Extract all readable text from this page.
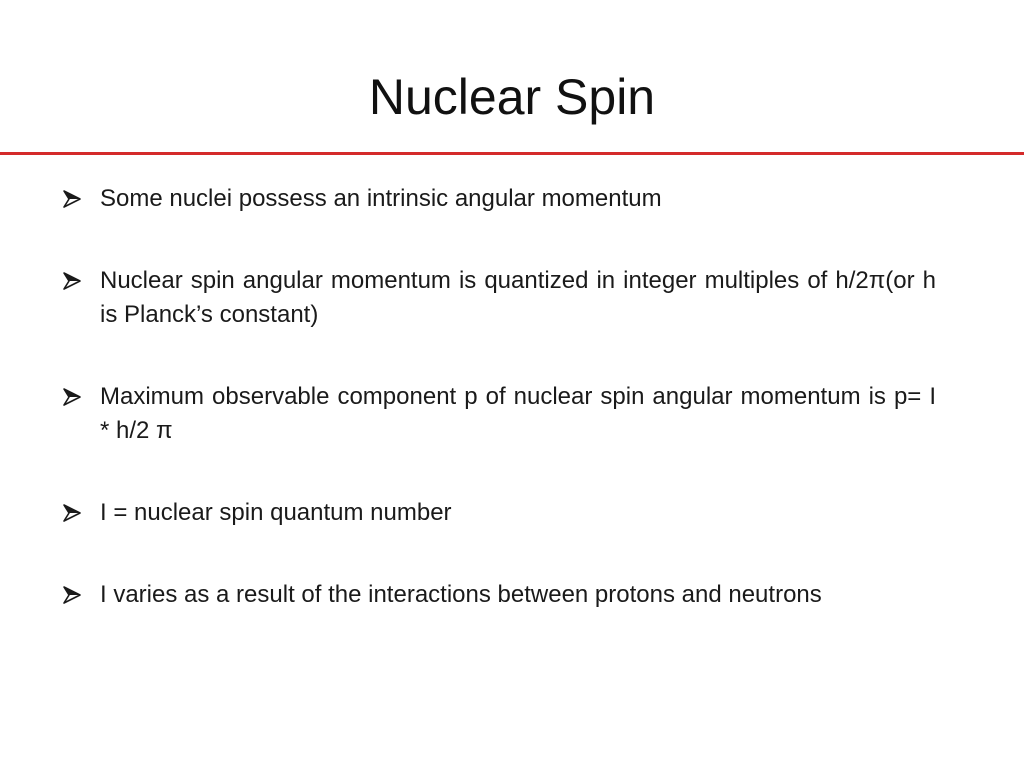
Nuclear Spin
Some nuclei possess an intrinsic angular momentum
Nuclear spin angular momentum is quantized in integer multiples of h/2π(or h is Planck’s constant)
Maximum observable component p of nuclear spin angular momentum is p= I * h/2 π
I = nuclear spin quantum number
I varies as a result of the interactions between protons and neutrons
